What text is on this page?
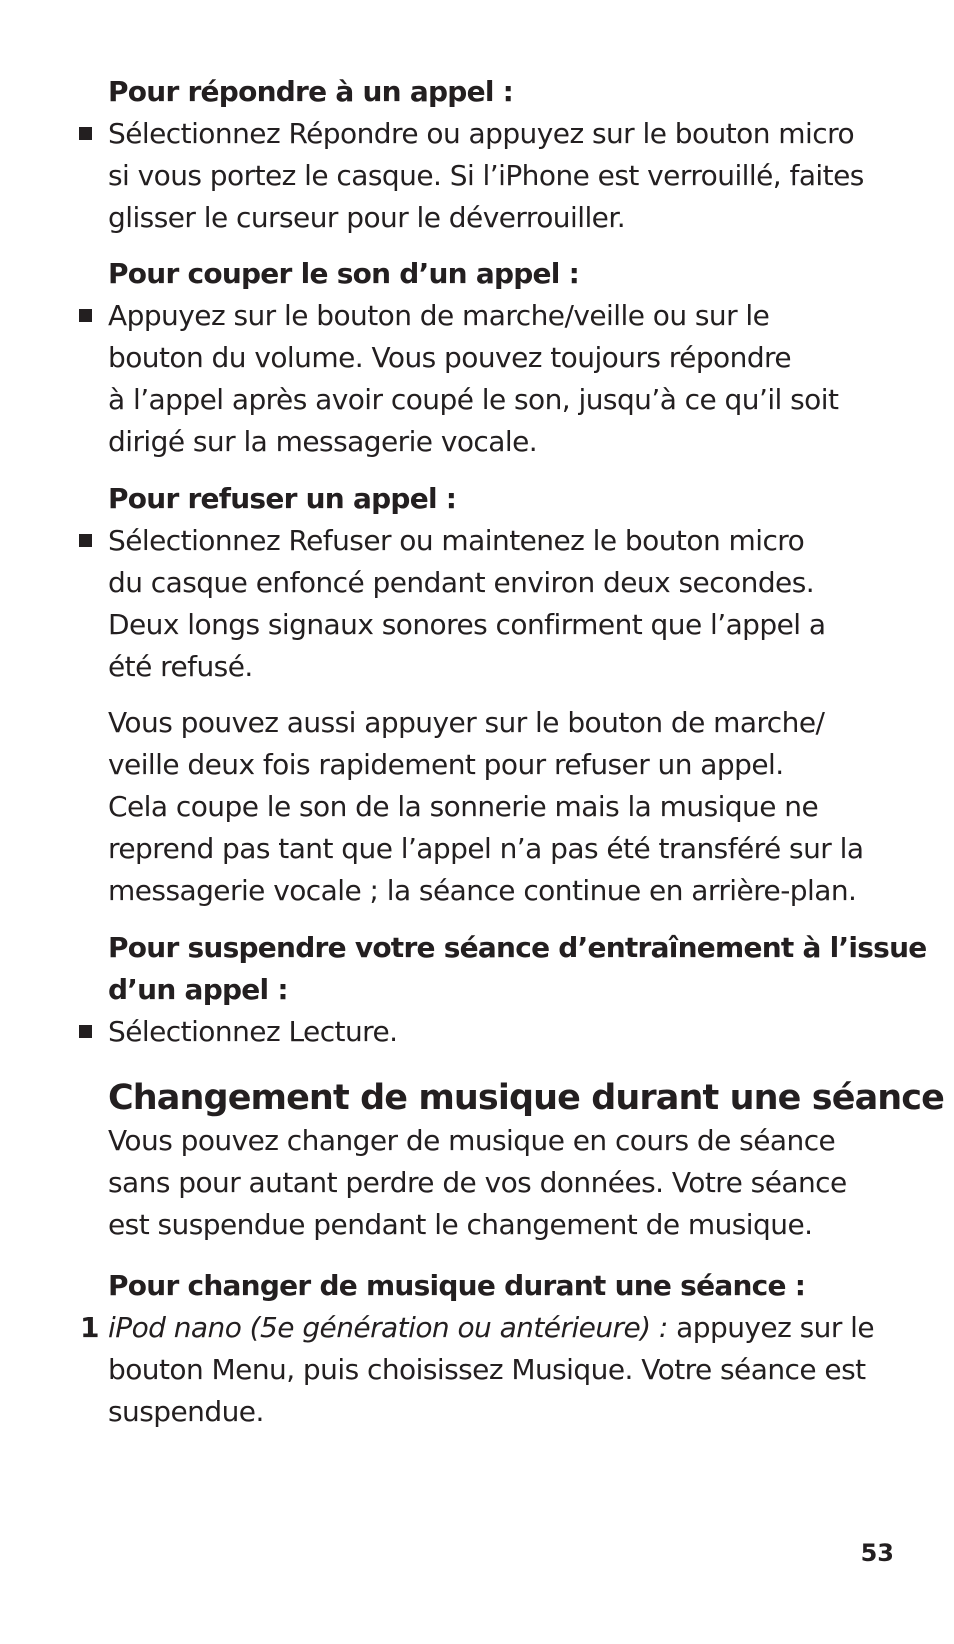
Pour répondre à un appel :
Sélectionnez Répondre ou appuyez sur le bouton micro
si vous portez le casque. Si l’iPhone est verrouillé, faites
glisser le curseur pour le déverrouiller.
Pour couper le son d’un appel :
Appuyez sur le bouton de marche/veille ou sur le
bouton du volume. Vous pouvez toujours répondre
à l’appel après avoir coupé le son, jusqu’à ce qu’il soit
dirigé sur la messagerie vocale.
Pour refuser un appel :
Sélectionnez Refuser ou maintenez le bouton micro
du casque enfoncé pendant environ deux secondes.
Deux longs signaux sonores confirment que l’appel a
été refusé.
Vous pouvez aussi appuyer sur le bouton de marche/
veille deux fois rapidement pour refuser un appel.
Cela coupe le son de la sonnerie mais la musique ne
reprend pas tant que l’appel n’a pas été transféré sur la
messagerie vocale ; la séance continue en arrière-plan.
Pour suspendre votre séance d’entraînement à l’issue
d’un appel :
Sélectionnez Lecture.
Changement de musique durant une séance
Vous pouvez changer de musique en cours de séance
sans pour autant perdre de vos données. Votre séance
est suspendue pendant le changement de musique.
Pour changer de musique durant une séance :
1 iPod nano (5e génération ou antérieure) : appuyez sur le
bouton Menu, puis choisissez Musique. Votre séance est
suspendue.
53
